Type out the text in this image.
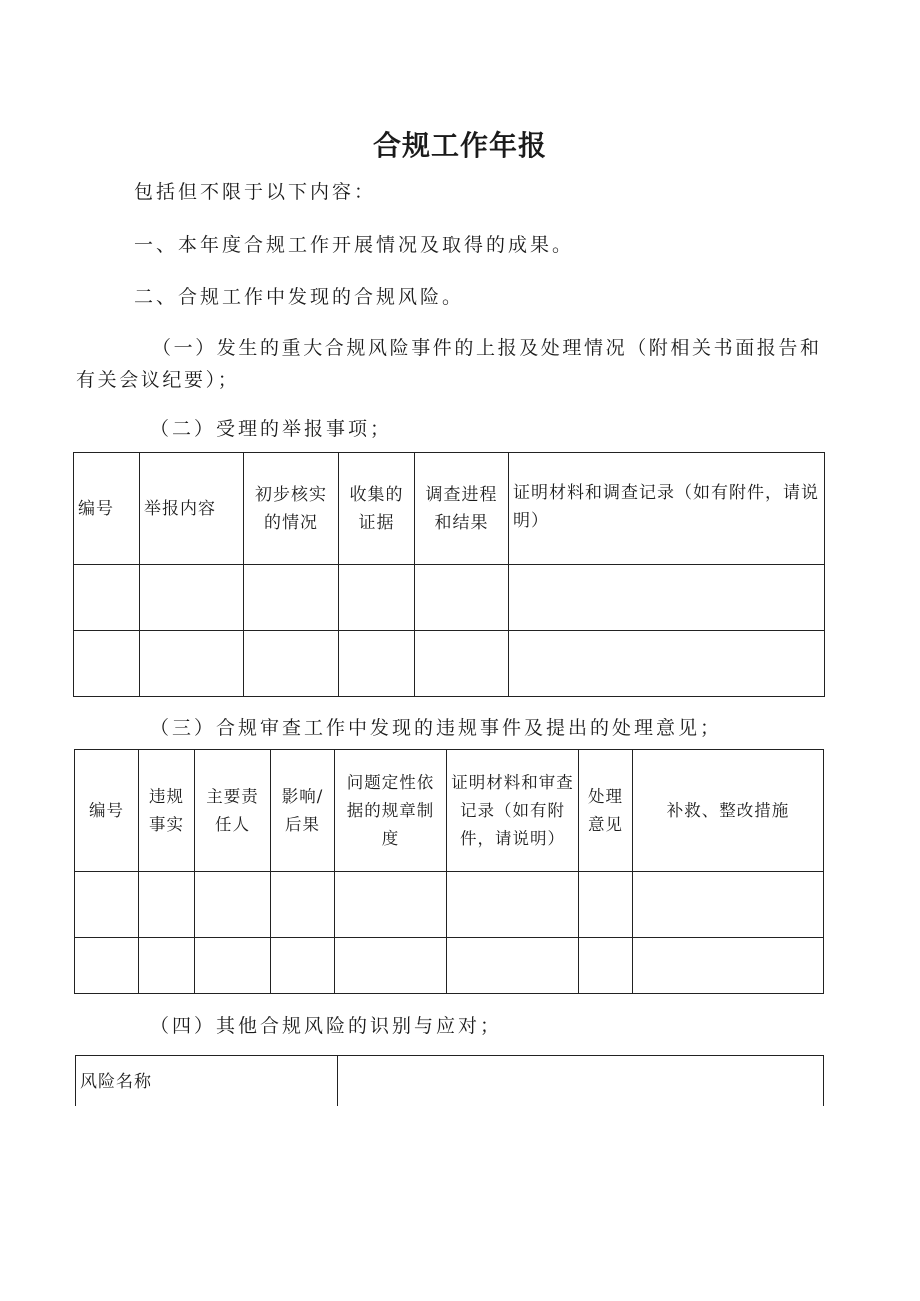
合规工作年报
包括但不限于以下内容：
一、本年度合规工作开展情况及取得的成果。
二、合规工作中发现的合规风险。
（一）发生的重大合规风险事件的上报及处理情况（附相关书面报告和有关会议纪要）；
（二）受理的举报事项；
编号	举报内容	初步核实的情况	收集的证据	调查进程和结果	证明材料和调查记录（如有附件，请说明）

（三）合规审查工作中发现的违规事件及提出的处理意见；
编号	违规事实	主要责任人	影响/后果	问题定性依据的规章制度	证明材料和审查记录（如有附件，请说明）	处理意见	补救、整改措施

（四）其他合规风险的识别与应对；
风险名称	
